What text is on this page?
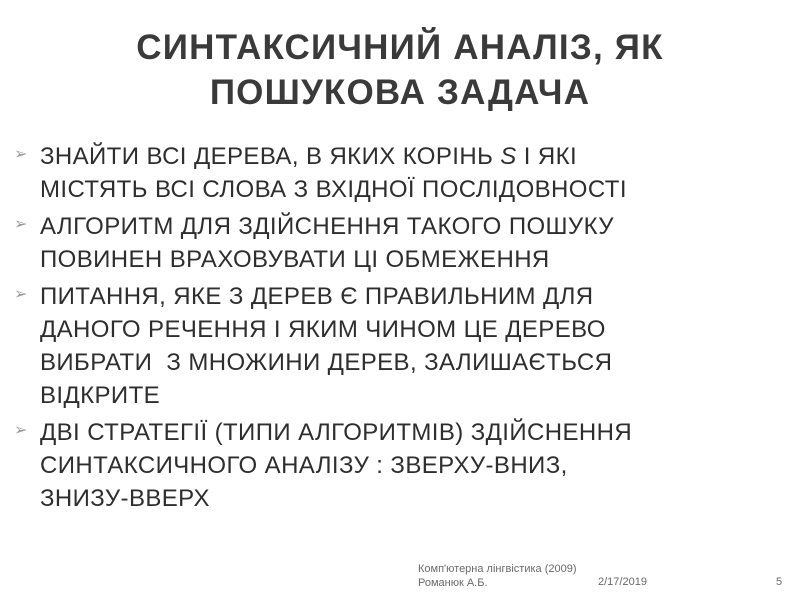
СИНТАКСИЧНИЙ АНАЛІЗ, ЯК
ПОШУКОВА ЗАДАЧА
➢ ЗНАЙТИ ВСІ ДЕРЕВА, В ЯКИХ КОРІНЬ S І ЯКІ
МІСТЯТЬ ВСІ СЛОВА З ВХІДНОЇ ПОСЛІДОВНОСТІ
➢ АЛГОРИТМ ДЛЯ ЗДІЙСНЕННЯ ТАКОГО ПОШУКУ
ПОВИНЕН ВРАХОВУВАТИ ЦІ ОБМЕЖЕННЯ
➢ ПИТАННЯ, ЯКЕ З ДЕРЕВ Є ПРАВИЛЬНИМ ДЛЯ
ДАНОГО РЕЧЕННЯ І ЯКИМ ЧИНОМ ЦЕ ДЕРЕВО
ВИБРАТИ  З МНОЖИНИ ДЕРЕВ, ЗАЛИШАЄТЬСЯ
ВІДКРИТЕ
➢ ДВІ СТРАТЕГІЇ (ТИПИ АЛГОРИТМІВ) ЗДІЙСНЕННЯ
СИНТАКСИЧНОГО АНАЛІЗУ : ЗВЕРХУ-ВНИЗ,
ЗНИЗУ-ВВЕРХ
Комп'ютерна лінгвістика (2009) Романюк А.Б.	2/17/2019	5
